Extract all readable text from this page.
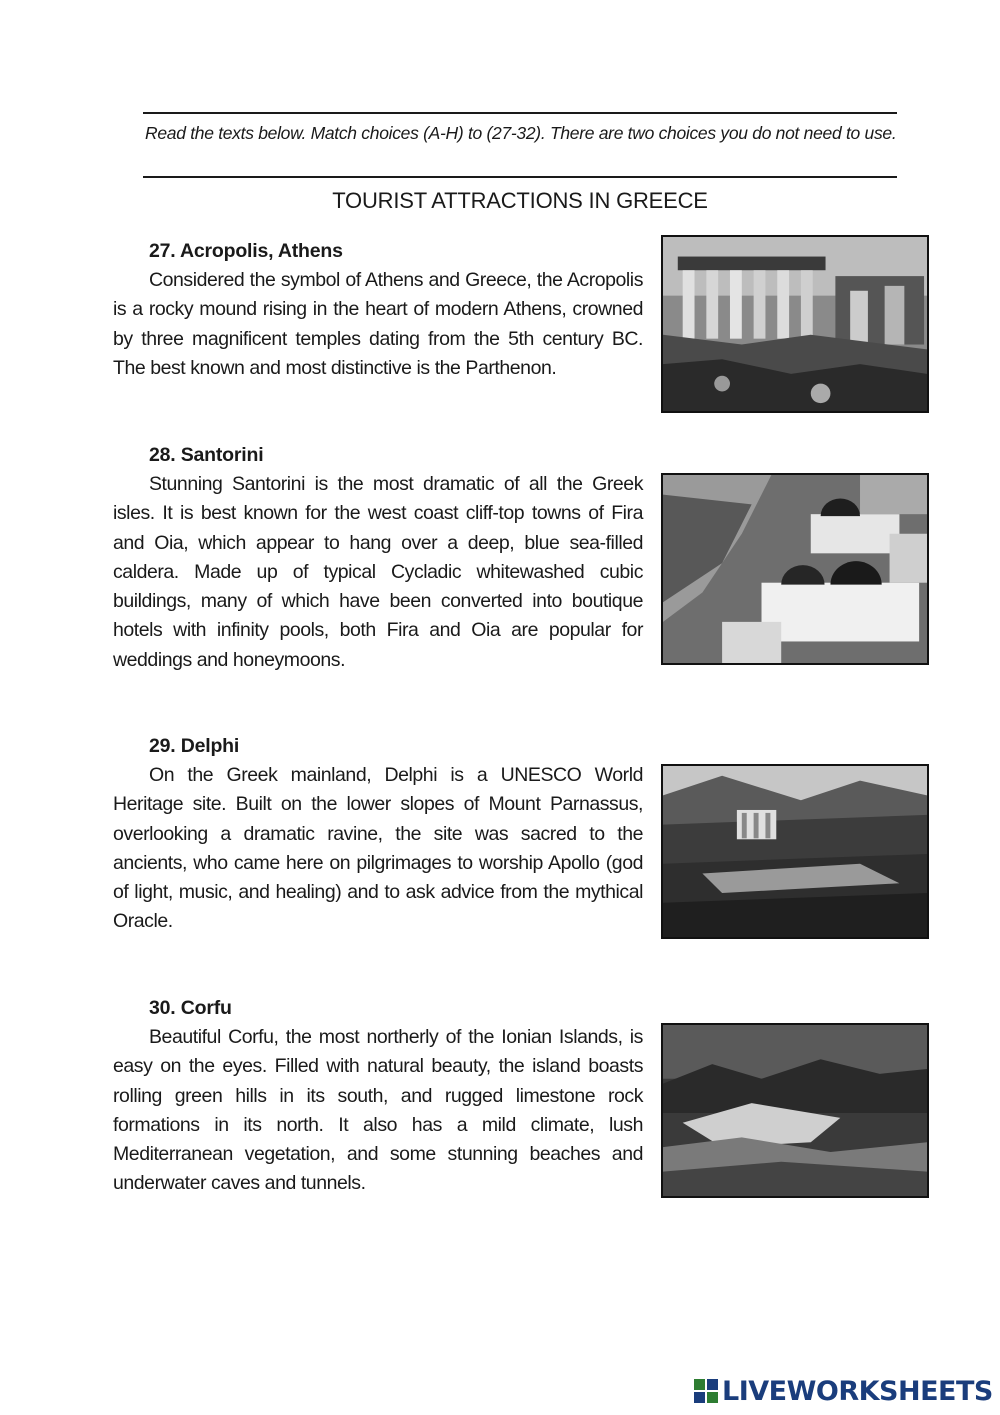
Read the texts below. Match choices (A-H) to (27-32). There are two choices you do not need to use.
TOURIST ATTRACTIONS IN GREECE
27. Acropolis, Athens

Considered the symbol of Athens and Greece, the Acropolis is a rocky mound rising in the heart of modern Athens, crowned by three magnificent temples dating from the 5th century BC. The best known and most distinctive is the Parthenon.

28. Santorini

Stunning Santorini is the most dramatic of all the Greek isles. It is best known for the west coast cliff-top towns of Fira and Oia, which appear to hang over a deep, blue sea-filled caldera. Made up of typical Cycladic whitewashed cubic buildings, many of which have been converted into boutique hotels with infinity pools, both Fira and Oia are popular for weddings and honeymoons.

29. Delphi

On the Greek mainland, Delphi is a UNESCO World Heritage site. Built on the lower slopes of Mount Parnassus, overlooking a dramatic ravine, the site was sacred to the ancients, who came here on pilgrimages to worship Apollo (god of light, music, and healing) and to ask advice from the mythical Oracle.

30. Corfu

Beautiful Corfu, the most northerly of the Ionian Islands, is easy on the eyes. Filled with natural beauty, the island boasts rolling green hills in its south, and rugged limestone rock formations in its north. It also has a mild climate, lush Mediterranean vegetation, and some stunning beaches and underwater caves and tunnels.

LIVEWORKSHEETS
